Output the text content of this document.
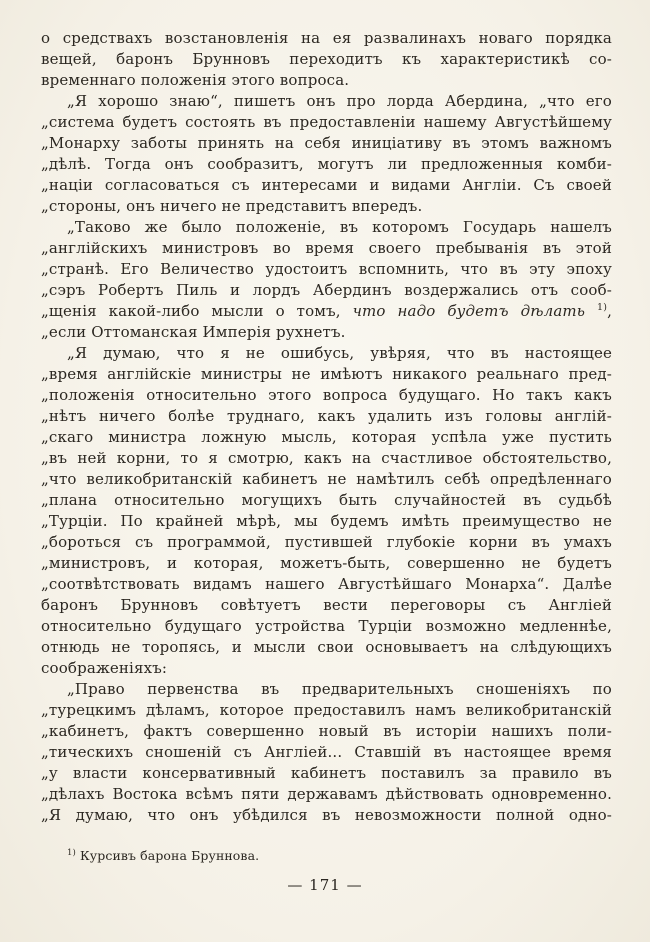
о средствахъ возстановленія на ея развалинахъ новаго порядка
вещей, баронъ Брунновъ переходитъ къ характеристикѣ со-
временнаго положенія этого вопроса.
„Я хорошо знаю“, пишетъ онъ про лорда Абердина, „что его
„система будетъ состоять въ предоставленіи нашему Августѣйшему
„Монарху заботы принять на себя иниціативу въ этомъ важномъ
„дѣлѣ. Тогда онъ сообразитъ, могутъ ли предложенныя комби-
„націи согласоваться съ интересами и видами Англіи. Съ своей
„стороны, онъ ничего не представитъ впередъ.
„Таково же было положеніе, въ которомъ Государь нашелъ
„англійскихъ министровъ во время своего пребыванія въ этой
„странѣ. Его Величество удостоитъ вспомнить, что въ эту эпоху
„сэръ Робертъ Пиль и лордъ Абердинъ воздержались отъ сооб-
„щенія какой-либо мысли о томъ, что надо будетъ дѣлать $^{1)}$,
„если Оттоманская Имперія рухнетъ.
„Я думаю, что я не ошибусь, увѣряя, что въ настоящее
„время англійскіе министры не имѣютъ никакого реальнаго пред-
„положенія относительно этого вопроса будущаго. Но такъ какъ
„нѣтъ ничего болѣе труднаго, какъ удалить изъ головы англій-
„скаго министра ложную мысль, которая успѣла уже пустить
„въ ней корни, то я смотрю, какъ на счастливое обстоятельство,
„что великобританскій кабинетъ не намѣтилъ себѣ опредѣленнаго
„плана относительно могущихъ быть случайностей въ судьбѣ
„Турціи. По крайней мѣрѣ, мы будемъ имѣть преимущество не
„бороться съ программой, пустившей глубокіе корни въ умахъ
„министровъ, и которая, можетъ-быть, совершенно не будетъ
„соотвѣтствовать видамъ нашего Августѣйшаго Монарха“. Далѣе
баронъ Брунновъ совѣтуетъ вести переговоры съ Англіей
относительно будущаго устройства Турціи возможно медленнѣе,
отнюдь не торопясь, и мысли свои основываетъ на слѣдующихъ
соображеніяхъ:
„Право первенства въ предварительныхъ сношеніяхъ по
„турецкимъ дѣламъ, которое предоставилъ намъ великобританскій
„кабинетъ, фактъ совершенно новый въ исторіи нашихъ поли-
„тическихъ сношеній съ Англіей... Ставшій въ настоящее время
„у власти консервативный кабинетъ поставилъ за правило въ
„дѣлахъ Востока всѣмъ пяти державамъ дѣйствовать одновременно.
„Я думаю, что онъ убѣдился въ невозможности полной одно-
$^{1)}$ Курсивъ барона Бруннова.
— 171 —
